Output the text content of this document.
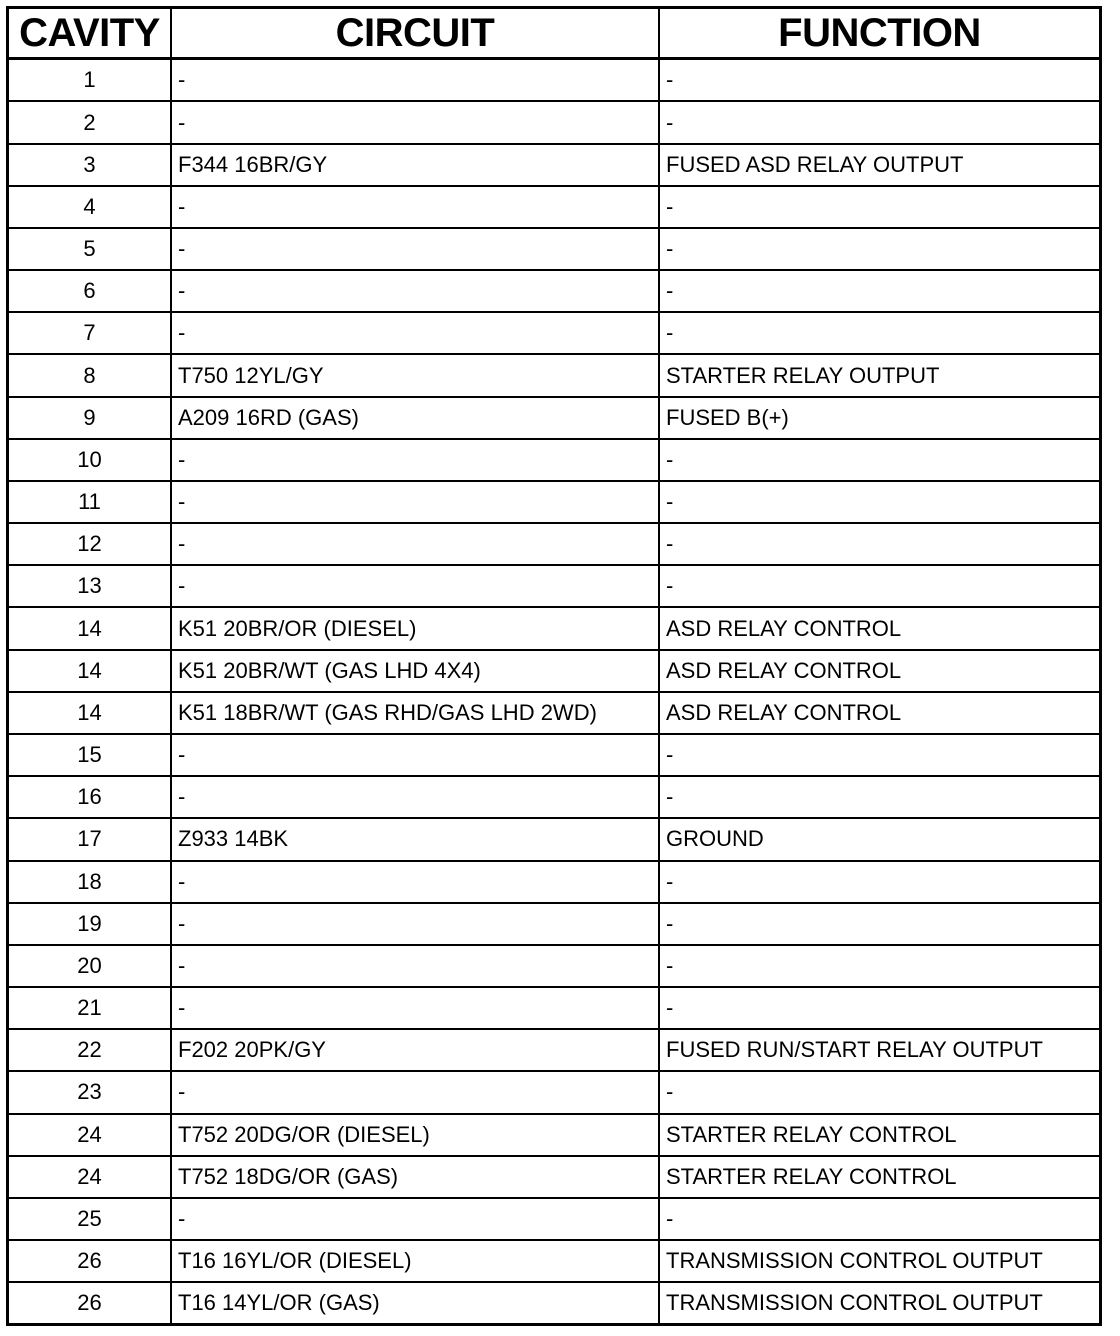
CAVITY	CIRCUIT	FUNCTION
1	-	-
2	-	-
3	F344 16BR/GY	FUSED ASD RELAY OUTPUT
4	-	-
5	-	-
6	-	-
7	-	-
8	T750 12YL/GY	STARTER RELAY OUTPUT
9	A209 16RD (GAS)	FUSED B(+)
10	-	-
11	-	-
12	-	-
13	-	-
14	K51 20BR/OR (DIESEL)	ASD RELAY CONTROL
14	K51 20BR/WT (GAS LHD 4X4)	ASD RELAY CONTROL
14	K51 18BR/WT (GAS RHD/GAS LHD 2WD)	ASD RELAY CONTROL
15	-	-
16	-	-
17	Z933 14BK	GROUND
18	-	-
19	-	-
20	-	-
21	-	-
22	F202 20PK/GY	FUSED RUN/START RELAY OUTPUT
23	-	-
24	T752 20DG/OR (DIESEL)	STARTER RELAY CONTROL
24	T752 18DG/OR (GAS)	STARTER RELAY CONTROL
25	-	-
26	T16 16YL/OR (DIESEL)	TRANSMISSION CONTROL OUTPUT
26	T16 14YL/OR (GAS)	TRANSMISSION CONTROL OUTPUT
